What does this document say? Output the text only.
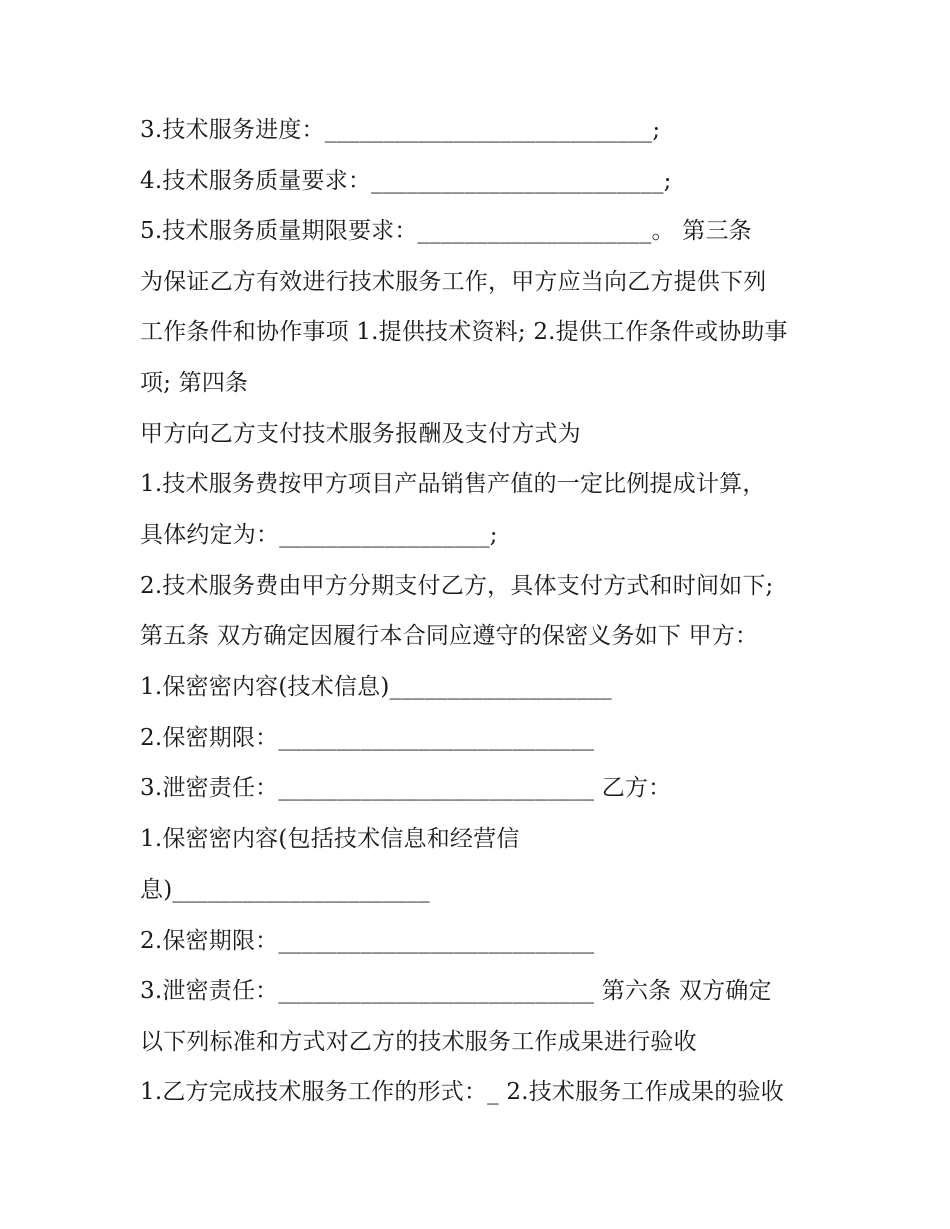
3.技术服务进度：____________________________;
4.技术服务质量要求：_________________________;
5.技术服务质量期限要求：____________________。 第三条
为保证乙方有效进行技术服务工作，甲方应当向乙方提供下列
工作条件和协作事项 1.提供技术资料; 2.提供工作条件或协助事
项; 第四条
甲方向乙方支付技术服务报酬及支付方式为
1.技术服务费按甲方项目产品销售产值的一定比例提成计算，
具体约定为：__________________;
2.技术服务费由甲方分期支付乙方，具体支付方式和时间如下;
第五条 双方确定因履行本合同应遵守的保密义务如下 甲方：
1.保密密内容(技术信息)___________________
2.保密期限：___________________________
3.泄密责任：___________________________ 乙方：
1.保密密内容(包括技术信息和经营信
息)______________________
2.保密期限：___________________________
3.泄密责任：___________________________ 第六条 双方确定
以下列标准和方式对乙方的技术服务工作成果进行验收
1.乙方完成技术服务工作的形式：_ 2.技术服务工作成果的验收
